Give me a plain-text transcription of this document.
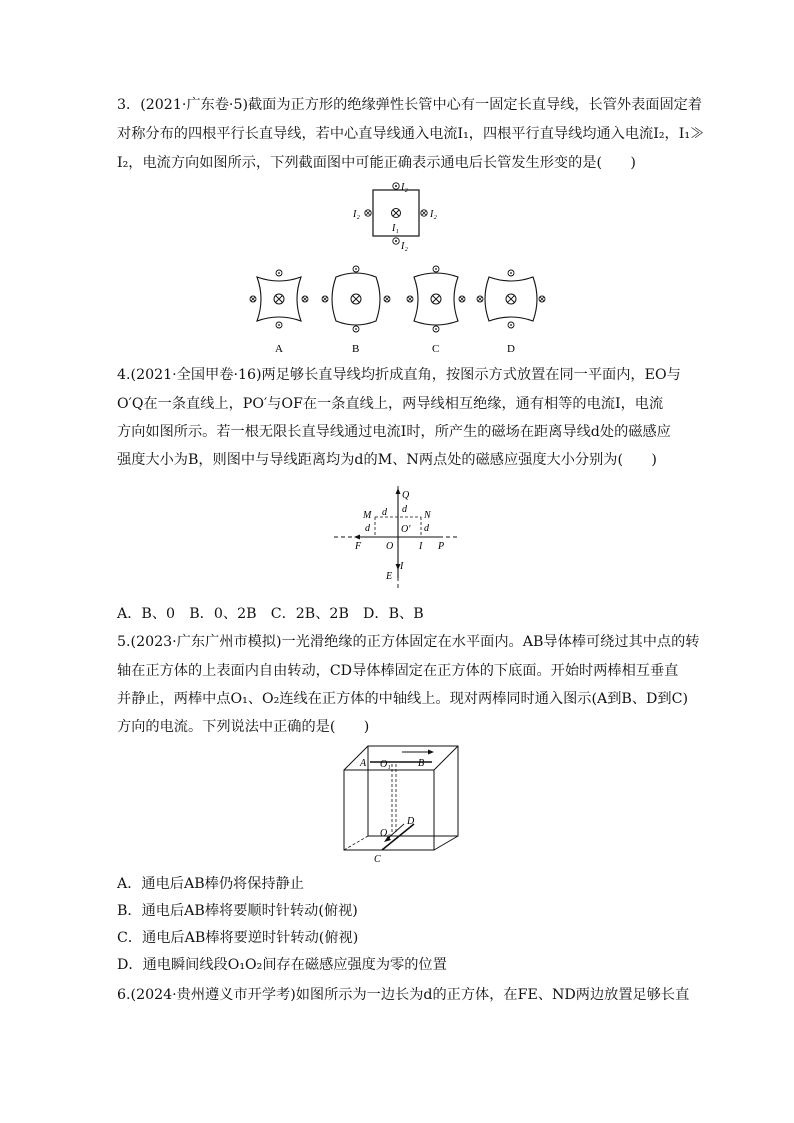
3．(2021·广东卷·5)截面为正方形的绝缘弹性长管中心有一固定长直导线，长管外表面固定着
对称分布的四根平行长直导线，若中心直导线通入电流I₁，四根平行直导线均通入电流I₂，I₁≫
I₂，电流方向如图所示，下列截面图中可能正确表示通电后长管发生形变的是(　　)
I₂
I₂	I₂
I₁
I₂
A	B	C	D
4.(2021·全国甲卷·16)两足够长直导线均折成直角，按图示方式放置在同一平面内，EO与
O′Q在一条直线上，PO′与OF在一条直线上，两导线相互绝缘，通有相等的电流I，电流
方向如图所示。若一根无限长直导线通过电流I时，所产生的磁场在距离导线d处的磁感应
强度大小为B，则图中与导线距离均为d的M、N两点处的磁感应强度大小分别为(　　)
Q
d
M d	N
d	O′ d
F O	I P
I
E
A．B、0　B．0、2B　C．2B、2B　D．B、B
5.(2023·广东广州市模拟)一光滑绝缘的正方体固定在水平面内。AB导体棒可绕过其中点的转
轴在正方体的上表面内自由转动，CD导体棒固定在正方体的下底面。开始时两棒相互垂直
并静止，两棒中点O₁、O₂连线在正方体的中轴线上。现对两棒同时通入图示(A到B、D到C)
方向的电流。下列说法中正确的是(　　)
A O₁	B
D
O₂
C
A．通电后AB棒仍将保持静止
B．通电后AB棒将要顺时针转动(俯视)
C．通电后AB棒将要逆时针转动(俯视)
D．通电瞬间线段O₁O₂间存在磁感应强度为零的位置
6.(2024·贵州遵义市开学考)如图所示为一边长为d的正方体，在FE、ND两边放置足够长直
